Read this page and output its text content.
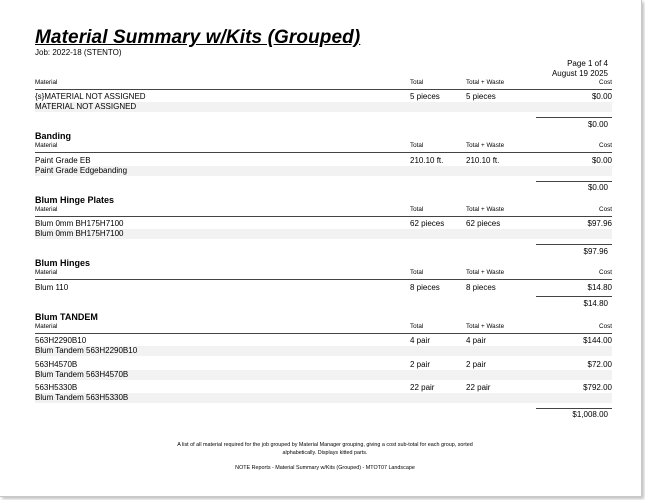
Material Summary w/Kits (Grouped)
Job: 2022-18 (STENTO)
Page 1 of 4
August 19 2025
Material	Total	Total + Waste	Cost
{s}MATERIAL NOT ASSIGNED	5 pieces	5 pieces	$0.00
MATERIAL NOT ASSIGNED
$0.00
Banding
Material	Total	Total + Waste	Cost
Paint Grade EB	210.10 ft.	210.10 ft.	$0.00
Paint Grade Edgebanding
$0.00
Blum Hinge Plates
Material	Total	Total + Waste	Cost
Blum 0mm BH175H7100	62 pieces	62 pieces	$97.96
Blum 0mm BH175H7100
$97.96
Blum Hinges
Material	Total	Total + Waste	Cost
Blum 110	8 pieces	8 pieces	$14.80
$14.80
Blum TANDEM
Material	Total	Total + Waste	Cost
563H2290B10	4 pair	4 pair	$144.00
Blum Tandem 563H2290B10
563H4570B	2 pair	2 pair	$72.00
Blum Tandem 563H4570B
563H5330B	22 pair	22 pair	$792.00
Blum Tandem 563H5330B
$1,008.00
A list of all material required for the job grouped by Material Manager grouping, giving a cost sub-total for each group, sorted alphabetically. Displays kitted parts.
NOTE Reports - Material Summary w/Kits (Grouped) - MTOT07 Landscape
